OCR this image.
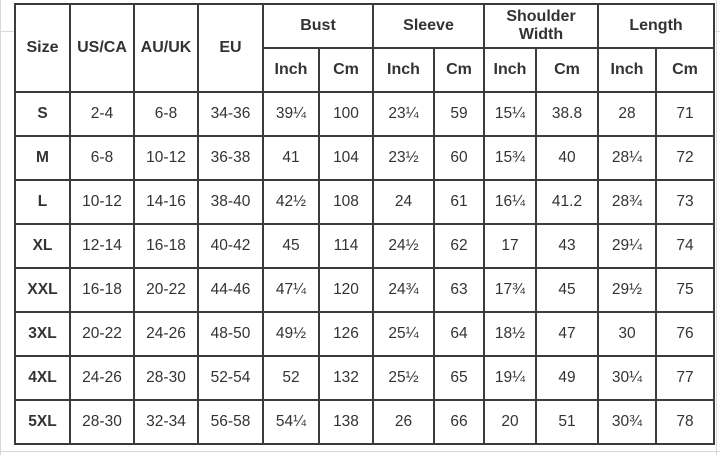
Size	US/CA	AU/UK	EU	Bust		Sleeve		Shoulder Width		Length	
				Inch	Cm	Inch	Cm	Inch	Cm	Inch	Cm
S	2-4	6-8	34-36	39¼	100	23¼	59	15¼	38.8	28	71
M	6-8	10-12	36-38	41	104	23½	60	15¾	40	28¼	72
L	10-12	14-16	38-40	42½	108	24	61	16¼	41.2	28¾	73
XL	12-14	16-18	40-42	45	114	24½	62	17	43	29¼	74
XXL	16-18	20-22	44-46	47¼	120	24¾	63	17¾	45	29½	75
3XL	20-22	24-26	48-50	49½	126	25¼	64	18½	47	30	76
4XL	24-26	28-30	52-54	52	132	25½	65	19¼	49	30¼	77
5XL	28-30	32-34	56-58	54¼	138	26	66	20	51	30¾	78
